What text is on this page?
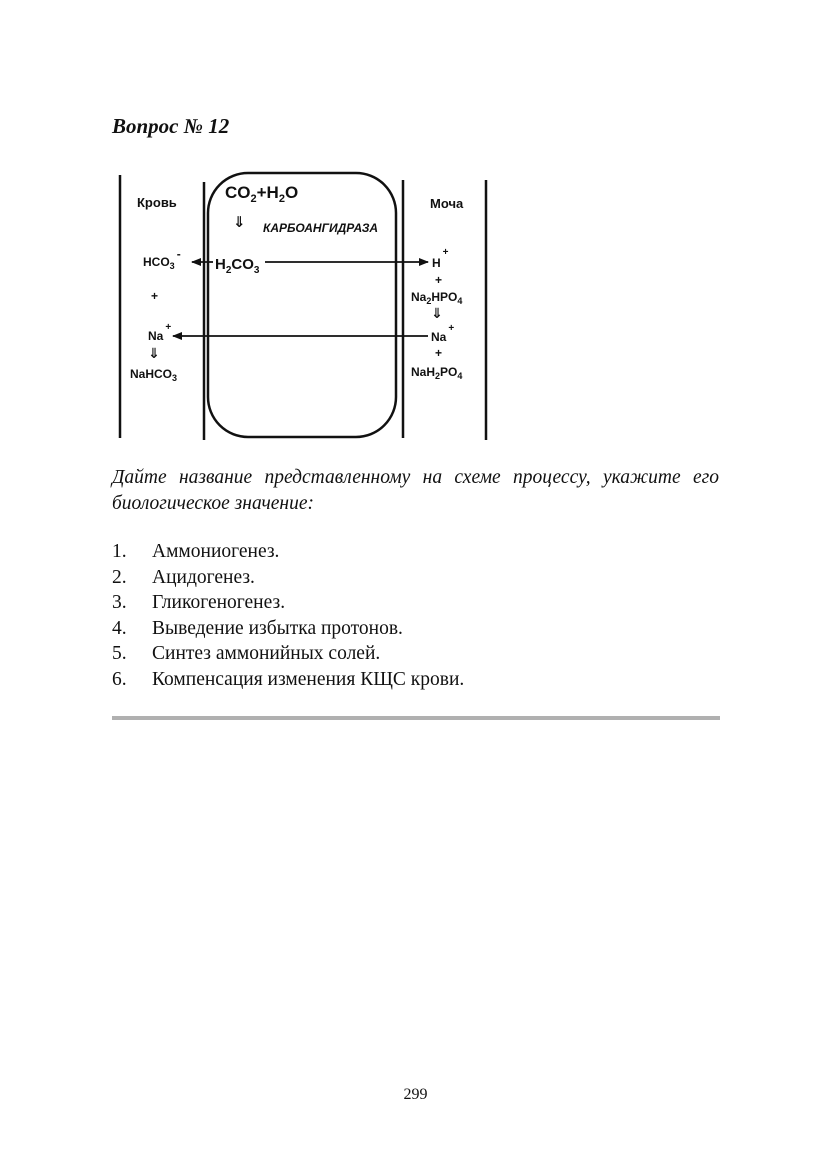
Вопрос № 12
Кровь	Моча
$CO_2+H_2O$
⇓ КАРБОАНГИДРАЗА
$H_2CO_3$
$HCO_3-$
H+
+
$Na_2HPO_4$
⇓
+
Na+
Na+
+
⇓
NaHCO$_3$	$NaH_2PO_4$
Дайте название представленному на схеме процессу, укажите его биологическое значение:
1.	Аммониогенез.
2.	Ацидогенез.
3.	Гликогеногенез.
4.	Выведение избытка протонов.
5.	Синтез аммонийных солей.
6.	Компенсация изменения КЩС крови.
299
